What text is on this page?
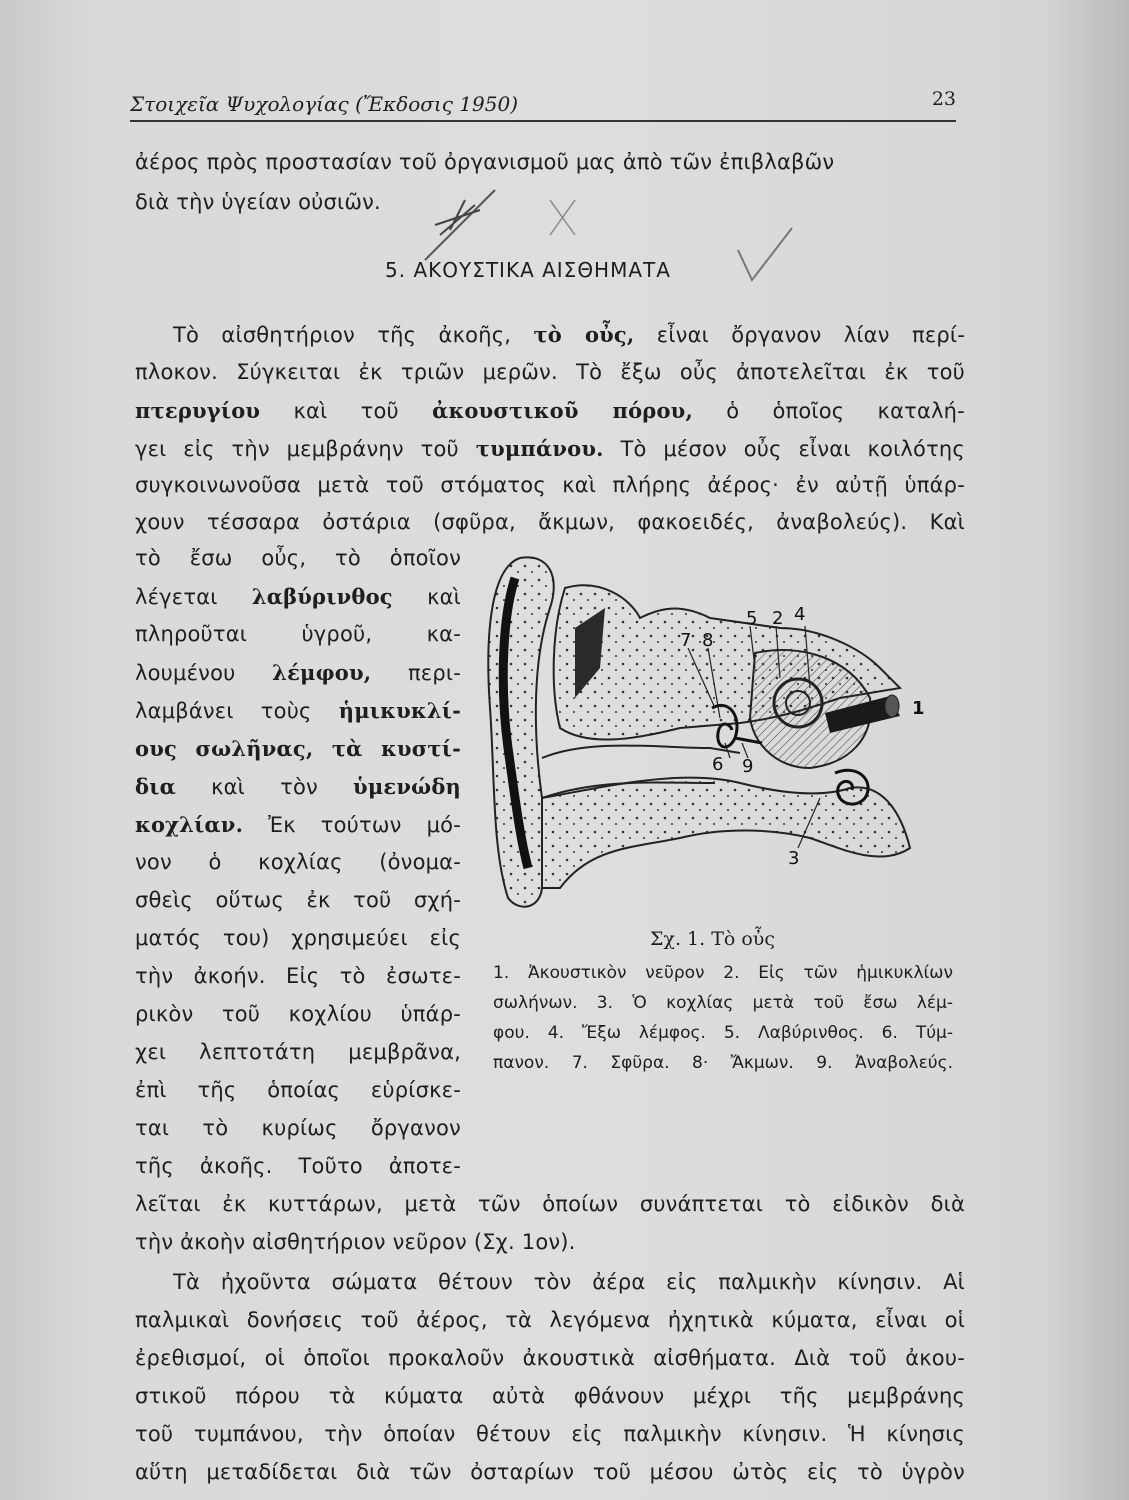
Στοιχεῖα Ψυχολογίας (Ἔκδοσις 1950)	23
ἀέρος πρὸς προστασίαν τοῦ ὀργανισμοῦ μας ἀπὸ τῶν ἐπιβλαβῶν
διὰ τὴν ὑγείαν οὐσιῶν.
5. ΑΚΟΥΣΤΙΚΑ ΑΙΣΘΗΜΑΤΑ
Τὸ αἰσθητήριον τῆς ἀκοῆς, τὸ οὖς, εἶναι ὄργανον λίαν περί-
πλοκον. Σύγκειται ἐκ τριῶν μερῶν. Τὸ ἔξω οὖς ἀποτελεῖται ἐκ τοῦ
πτερυγίου καὶ τοῦ ἀκουστικοῦ πόρου, ὁ ὁποῖος καταλή-
γει εἰς τὴν μεμβράνην τοῦ τυμπάνου. Τὸ μέσον οὖς εἶναι κοιλότης
συγκοινωνοῦσα μετὰ τοῦ στόματος καὶ πλήρης ἀέρος· ἐν αὐτῇ ὑπάρ-
χουν τέσσαρα ὀστάρια (σφῦρα, ἄκμων, φακοειδές, ἀναβολεύς). Καὶ
τὸ ἔσω οὖς, τὸ ὁποῖον
λέγεται λαβύρινθος καὶ
πληροῦται ὑγροῦ, κα-
λουμένου λέμφου, περι-
λαμβάνει τοὺς ἡμικυκλί-
ους σωλῆνας, τὰ κυστί-
δια καὶ τὸν ὑμενώδη
κοχλίαν. Ἐκ τούτων μό-
νον ὁ κοχλίας (ὀνομα-
σθεὶς οὕτως ἐκ τοῦ σχή-
ματός του) χρησιμεύει εἰς
τὴν ἀκοήν. Εἰς τὸ ἐσωτε-
ρικὸν τοῦ κοχλίου ὑπάρ-
χει λεπτοτάτη μεμβρᾶνα,
ἐπὶ τῆς ὁποίας εὑρίσκε-
ται τὸ κυρίως ὄργανον
τῆς ἀκοῆς. Τοῦτο ἀποτε-
7 8
5 2 4
1
6 9
3
Σχ. 1. Τὸ οὖς
1. Ἀκουστικὸν νεῦρον 2. Εἰς τῶν ἡμικυκλίων
σωλήνων. 3. Ὁ κοχλίας μετὰ τοῦ ἔσω λέμ-
φου. 4. Ἔξω λέμφος. 5. Λαβύρινθος. 6. Τύμ-
πανον. 7. Σφῦρα. 8· Ἄκμων. 9. Ἀναβολεύς.
λεῖται ἐκ κυττάρων, μετὰ τῶν ὁποίων συνάπτεται τὸ εἰδικὸν διὰ
τὴν ἀκοὴν αἰσθητήριον νεῦρον (Σχ. 1ον).
Τὰ ἠχοῦντα σώματα θέτουν τὸν ἀέρα εἰς παλμικὴν κίνησιν. Αἱ
παλμικαὶ δονήσεις τοῦ ἀέρος, τὰ λεγόμενα ἠχητικὰ κύματα, εἶναι οἱ
ἐρεθισμοί, οἱ ὁποῖοι προκαλοῦν ἀκουστικὰ αἰσθήματα. Διὰ τοῦ ἀκου-
στικοῦ πόρου τὰ κύματα αὐτὰ φθάνουν μέχρι τῆς μεμβράνης
τοῦ τυμπάνου, τὴν ὁποίαν θέτουν εἰς παλμικὴν κίνησιν. Ἡ κίνησις
αὕτη μεταδίδεται διὰ τῶν ὀσταρίων τοῦ μέσου ὠτὸς εἰς τὸ ὑγρὸν
